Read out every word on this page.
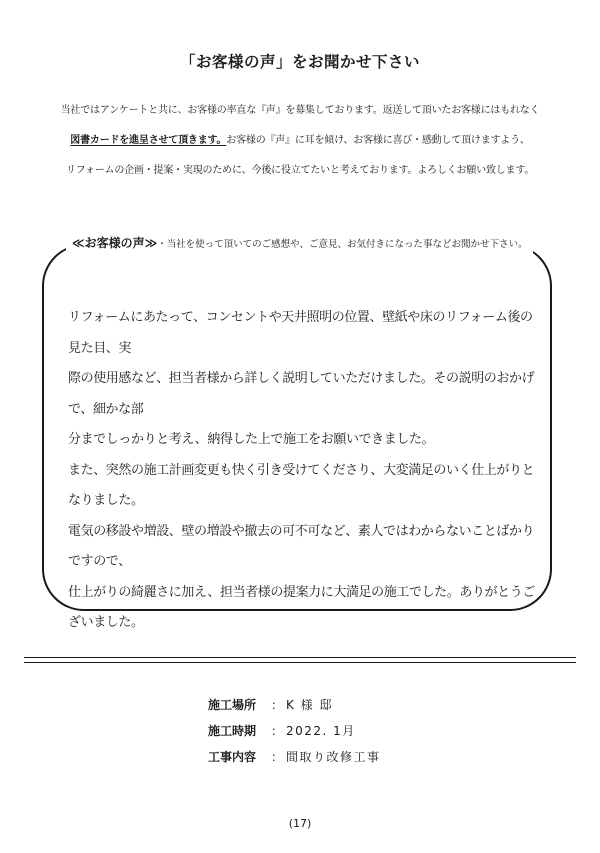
「お客様の声」をお聞かせ下さい
当社ではアンケートと共に、お客様の率直な『声』を募集しております。返送して頂いたお客様にはもれなく
図書カードを進呈させて頂きます。お客様の『声』に耳を傾け、お客様に喜び・感動して頂けますよう、
リフォームの企画・提案・実現のために、今後に役立てたいと考えております。よろしくお願い致します。
≪お客様の声≫・当社を使って頂いてのご感想や、ご意見、お気付きになった事などお聞かせ下さい。

リフォームにあたって、コンセントや天井照明の位置、壁紙や床のリフォーム後の見た目、実
際の使用感など、担当者様から詳しく説明していただけました。その説明のおかげで、細かな部
分までしっかりと考え、納得した上で施工をお願いできました。

また、突然の施工計画変更も快く引き受けてくださり、大変満足のいく仕上がりとなりました。

電気の移設や増設、壁の増設や撤去の可不可など、素人ではわからないことばかりですので、
仕上がりの綺麗さに加え、担当者様の提案力に大満足の施工でした。ありがとうございました。

施工場所	： K 様 邸
施工時期	： 2022. 1月
工事内容	： 間取り改修工事
(17)
